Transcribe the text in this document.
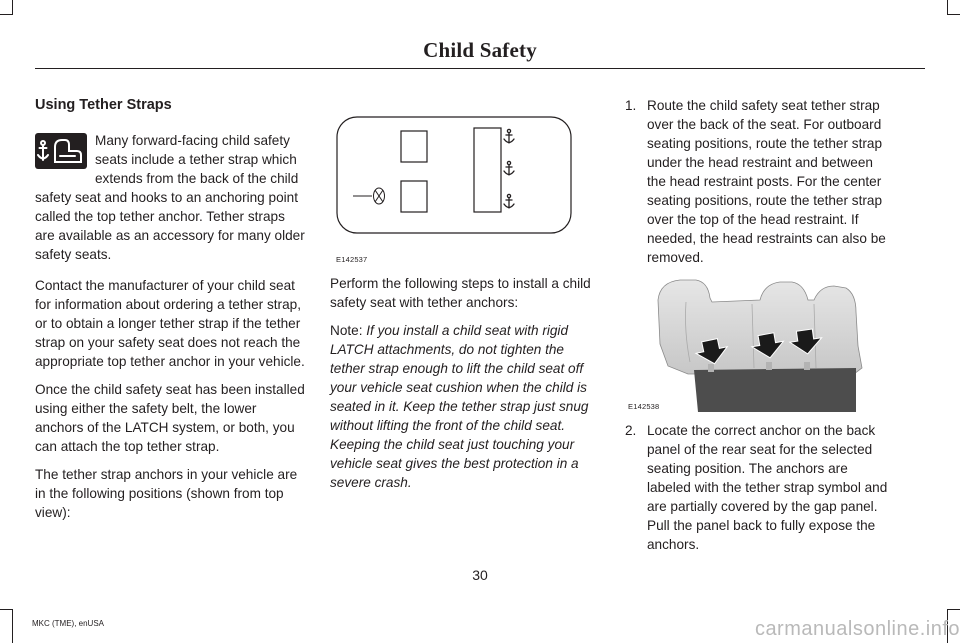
Child Safety
Using Tether Straps

Many forward-facing child safety seats include a tether strap which extends from the back of the child safety seat and hooks to an anchoring point called the top tether anchor. Tether straps are available as an accessory for many older safety seats.

Contact the manufacturer of your child seat for information about ordering a tether strap, or to obtain a longer tether strap if the tether strap on your safety seat does not reach the appropriate top tether anchor in your vehicle.

Once the child safety seat has been installed using either the safety belt, the lower anchors of the LATCH system, or both, you can attach the top tether strap.

The tether strap anchors in your vehicle are in the following positions (shown from top view):

E142537

Perform the following steps to install a child safety seat with tether anchors:

Note: If you install a child seat with rigid LATCH attachments, do not tighten the tether strap enough to lift the child seat off your vehicle seat cushion when the child is seated in it. Keep the tether strap just snug without lifting the front of the child seat. Keeping the child seat just touching your vehicle seat gives the best protection in a severe crash.

1. Route the child safety seat tether strap over the back of the seat. For outboard seating positions, route the tether strap under the head restraint and between the head restraint posts. For the center seating positions, route the tether strap over the top of the head restraint. If needed, the head restraints can also be removed.
E142538
2. Locate the correct anchor on the back panel of the rear seat for the selected seating position. The anchors are labeled with the tether strap symbol and are partially covered by the gap panel. Pull the panel back to fully expose the anchors.
30
MKC (TME), enUSA	carmanualsonline.info
